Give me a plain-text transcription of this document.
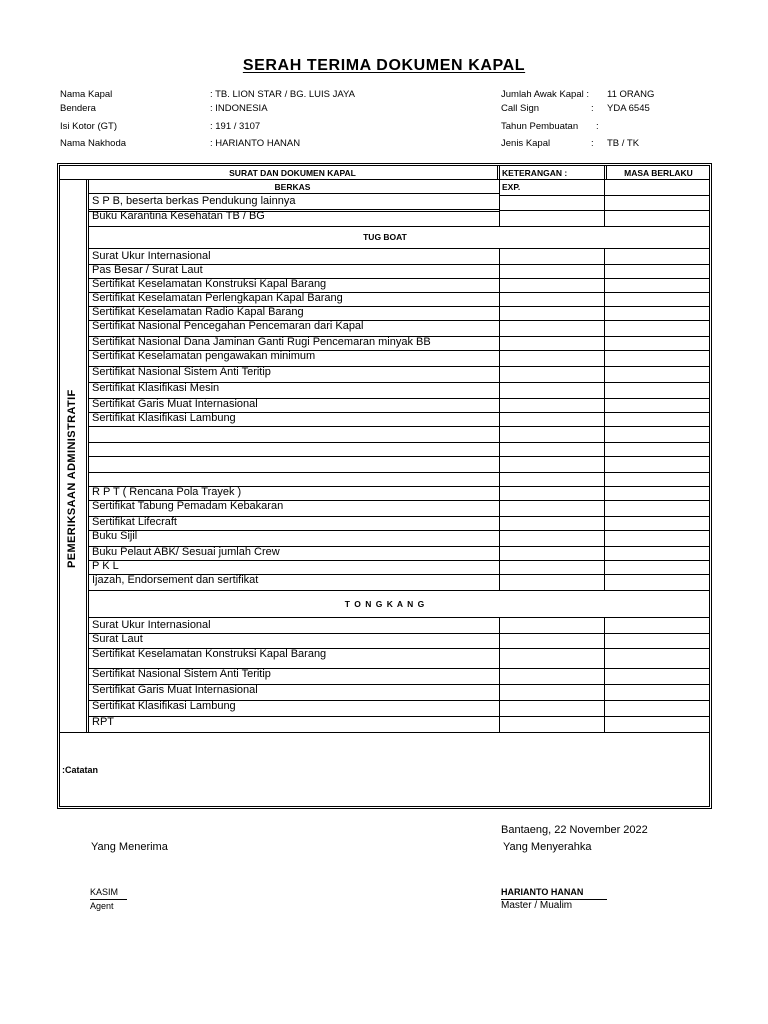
SERAH TERIMA DOKUMEN KAPAL
Nama Kapal	: TB. LION STAR / BG. LUIS JAYA
Bendera	: INDONESIA
Isi Kotor (GT)	: 191 / 3107
Nama Nakhoda	: HARIANTO HANAN
Jumlah Awak Kapal : 11 ORANG
Call Sign	: YDA 6545
Tahun Pembuatan :
Jenis Kapal	: TB / TK
SURAT DAN DOKUMEN KAPAL	KETERANGAN :	MASA BERLAKU
PEMERIKSAAN ADMINISTRATIF
BERKAS	EXP.
S P B, beserta berkas Pendukung lainnya
Buku Karantina Kesehatan TB / BG
TUG BOAT
Surat Ukur Internasional
Pas Besar / Surat Laut
Sertifikat Keselamatan Konstruksi Kapal Barang
Sertifikat Keselamatan Perlengkapan Kapal Barang
Sertifikat Keselamatan Radio Kapal Barang
Sertifikat Nasional Pencegahan Pencemaran dari Kapal
Sertifikat Nasional Dana Jaminan Ganti Rugi Pencemaran minyak BB
Sertifikat Keselamatan pengawakan minimum
Sertifikat Nasional Sistem Anti Teritip
Sertifikat Klasifikasi Mesin
Sertifikat Garis Muat Internasional
Sertifikat Klasifikasi Lambung
R P T ( Rencana Pola Trayek )
Sertifikat Tabung Pemadam Kebakaran
Sertifikat Lifecraft
Buku Sijil
Buku Pelaut ABK/ Sesuai jumlah Crew
P K L
Ijazah, Endorsement dan sertifikat
T O N G K A N G
Surat Ukur Internasional
Surat Laut
Sertifikat Keselamatan Konstruksi Kapal Barang
Sertifikat Nasional Sistem Anti Teritip
Sertifikat Garis Muat Internasional
Sertifikat Klasifikasi Lambung
RPT
:Catatan
Bantaeng, 22 November 2022
Yang Menerima	Yang Menyerahka
KASIM
Agent
HARIANTO HANAN
Master / Mualim
